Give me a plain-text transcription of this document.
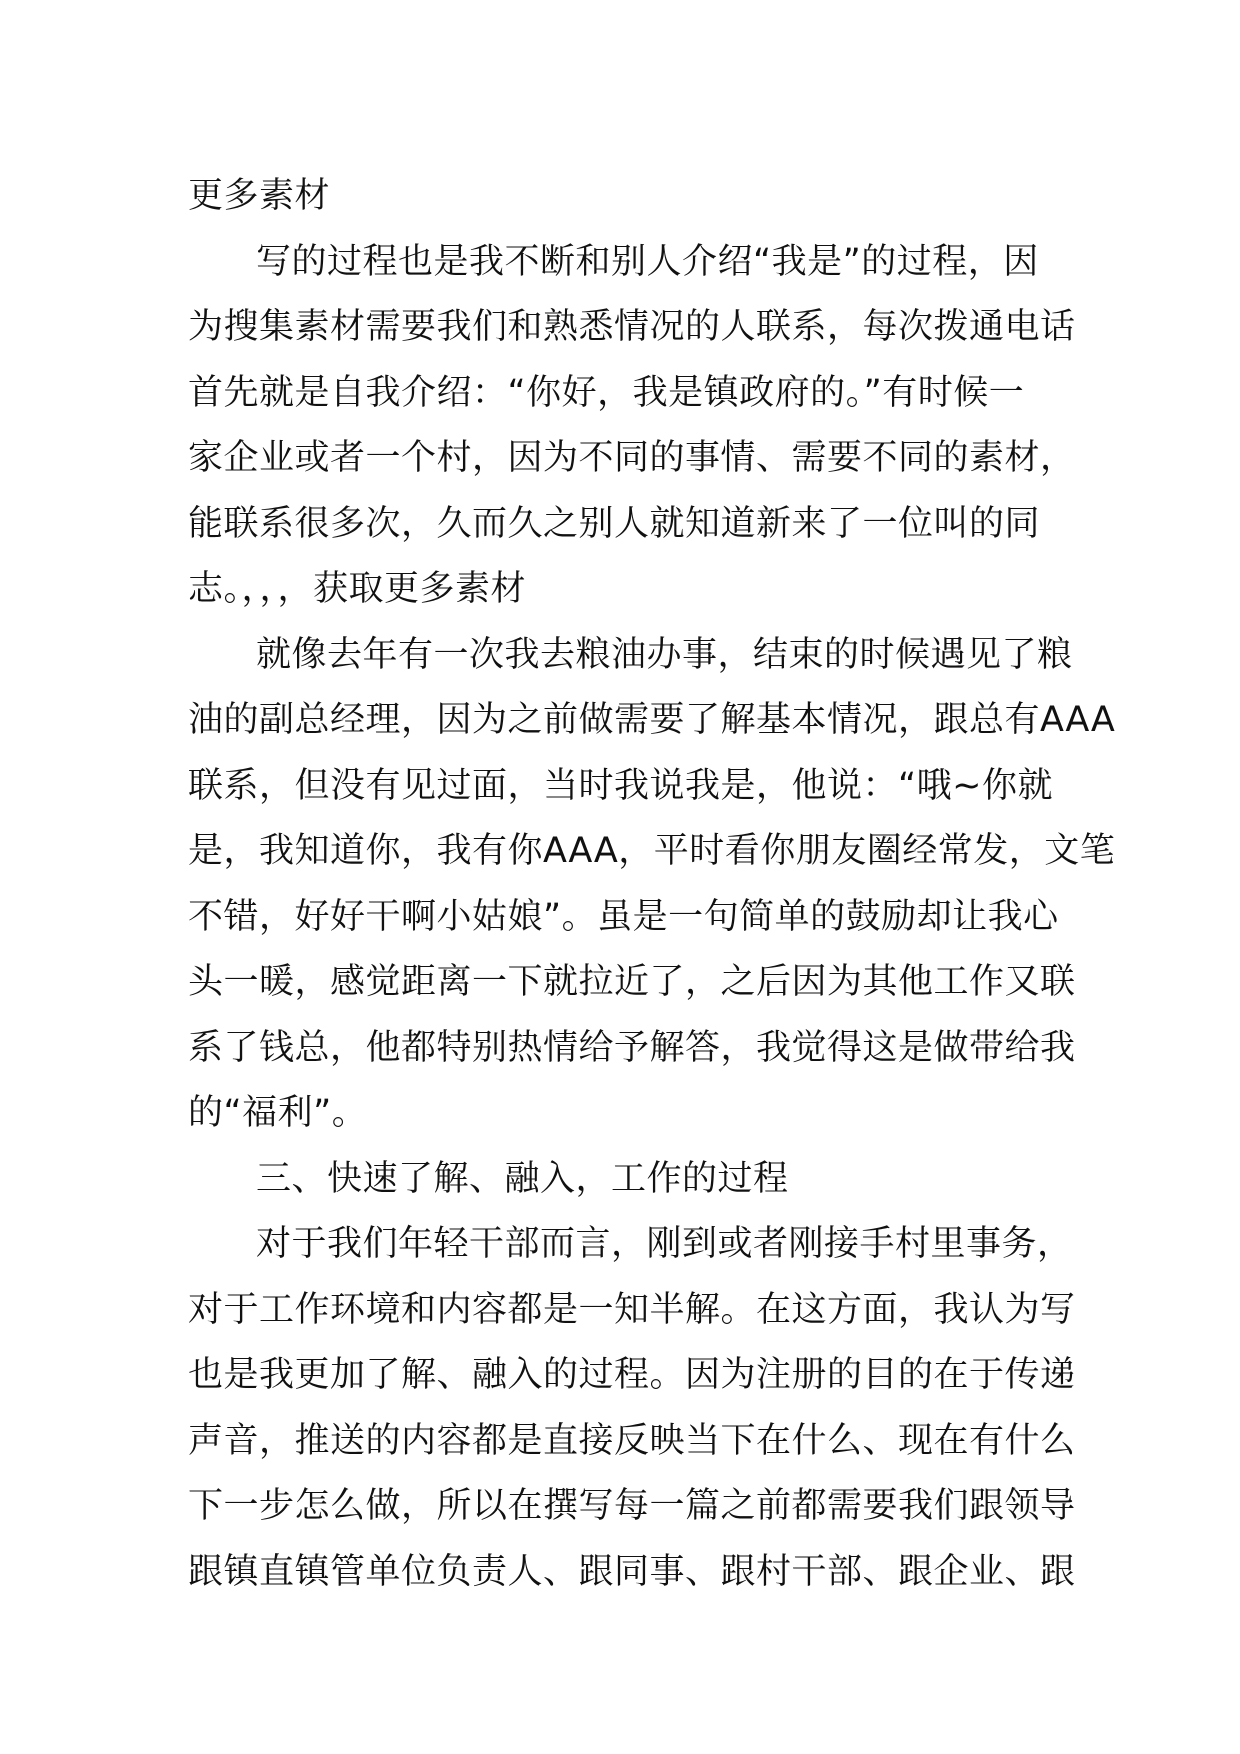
更多素材
写的过程也是我不断和别人介绍“我是”的过程，因
为搜集素材需要我们和熟悉情况的人联系，每次拨通电话
首先就是自我介绍：“你好，我是镇政府的。”有时候一
家企业或者一个村，因为不同的事情、需要不同的素材，
能联系很多次，久而久之别人就知道新来了一位叫的同
志。，，，获取更多素材
就像去年有一次我去粮油办事，结束的时候遇见了粮
油的副总经理，因为之前做需要了解基本情况，跟总有AAA
联系，但没有见过面，当时我说我是，他说：“哦~你就
是，我知道你，我有你AAA，平时看你朋友圈经常发，文笔
不错，好好干啊小姑娘”。虽是一句简单的鼓励却让我心
头一暖，感觉距离一下就拉近了，之后因为其他工作又联
系了钱总，他都特别热情给予解答，我觉得这是做带给我
的“福利”。
三、快速了解、融入，工作的过程
对于我们年轻干部而言，刚到或者刚接手村里事务，
对于工作环境和内容都是一知半解。在这方面，我认为写
也是我更加了解、融入的过程。因为注册的目的在于传递
声音，推送的内容都是直接反映当下在什么、现在有什么
下一步怎么做，所以在撰写每一篇之前都需要我们跟领导
跟镇直镇管单位负责人、跟同事、跟村干部、跟企业、跟
